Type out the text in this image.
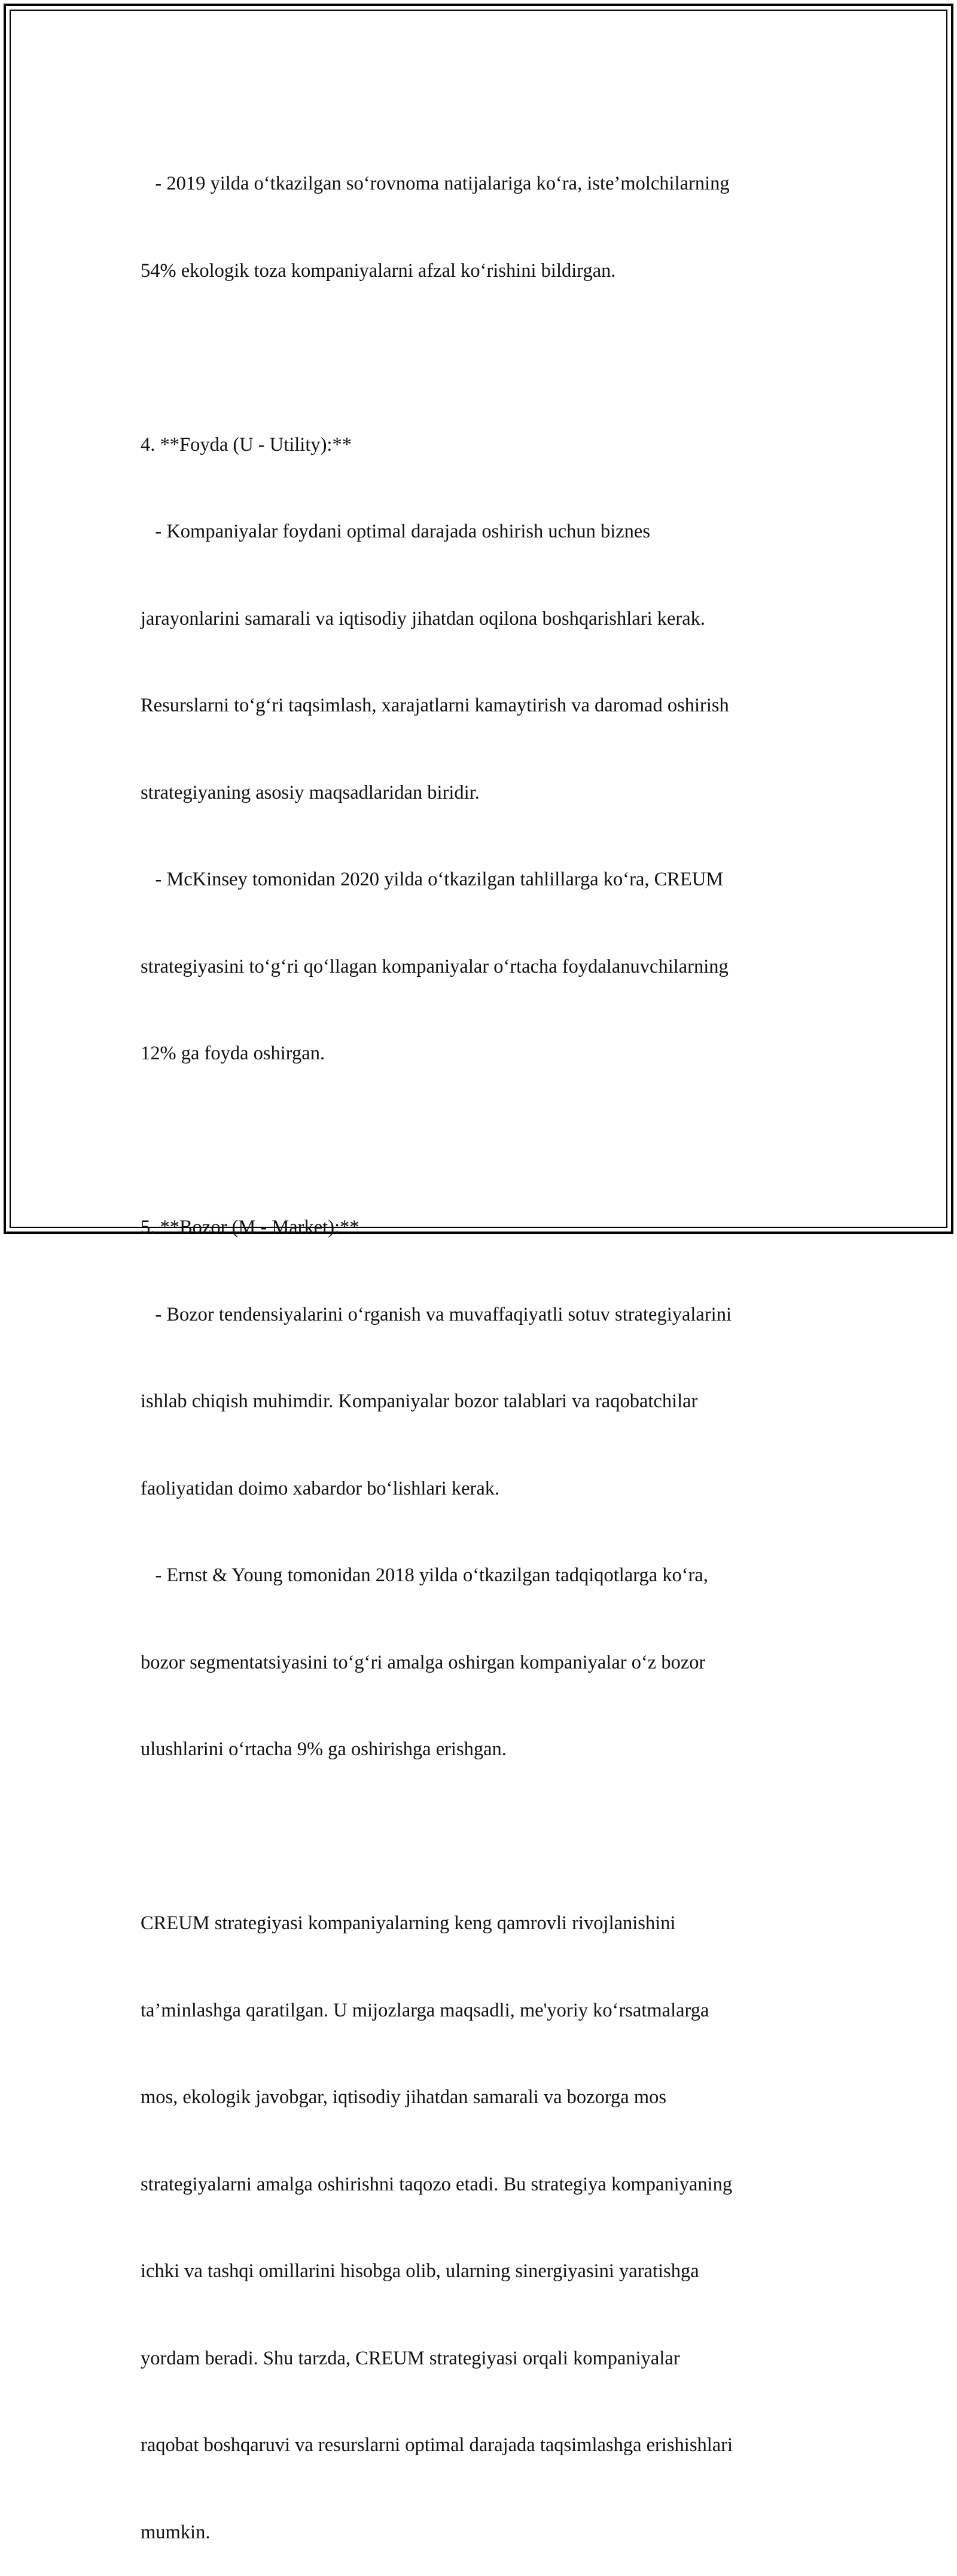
- 2019 yilda o‘tkazilgan so‘rovnoma natijalariga ko‘ra, iste’molchilarning

54% ekologik toza kompaniyalarni afzal ko‘rishini bildirgan.

4. **Foyda (U - Utility):**

- Kompaniyalar foydani optimal darajada oshirish uchun biznes

jarayonlarini samarali va iqtisodiy jihatdan oqilona boshqarishlari kerak.

Resurslarni to‘g‘ri taqsimlash, xarajatlarni kamaytirish va daromad oshirish

strategiyaning asosiy maqsadlaridan biridir.

- McKinsey tomonidan 2020 yilda o‘tkazilgan tahlillarga ko‘ra, CREUM

strategiyasini to‘g‘ri qo‘llagan kompaniyalar o‘rtacha foydalanuvchilarning

12% ga foyda oshirgan.

5. **Bozor (M - Market):**

- Bozor tendensiyalarini o‘rganish va muvaffaqiyatli sotuv strategiyalarini

ishlab chiqish muhimdir. Kompaniyalar bozor talablari va raqobatchilar

faoliyatidan doimo xabardor bo‘lishlari kerak.

- Ernst & Young tomonidan 2018 yilda o‘tkazilgan tadqiqotlarga ko‘ra,

bozor segmentatsiyasini to‘g‘ri amalga oshirgan kompaniyalar o‘z bozor

ulushlarini o‘rtacha 9% ga oshirishga erishgan.

CREUM strategiyasi kompaniyalarning keng qamrovli rivojlanishini

ta’minlashga qaratilgan. U mijozlarga maqsadli, me'yoriy ko‘rsatmalarga

mos, ekologik javobgar, iqtisodiy jihatdan samarali va bozorga mos

strategiyalarni amalga oshirishni taqozo etadi. Bu strategiya kompaniyaning

ichki va tashqi omillarini hisobga olib, ularning sinergiyasini yaratishga

yordam beradi. Shu tarzda, CREUM strategiyasi orqali kompaniyalar

raqobat boshqaruvi va resurslarni optimal darajada taqsimlashga erishishlari

mumkin.
